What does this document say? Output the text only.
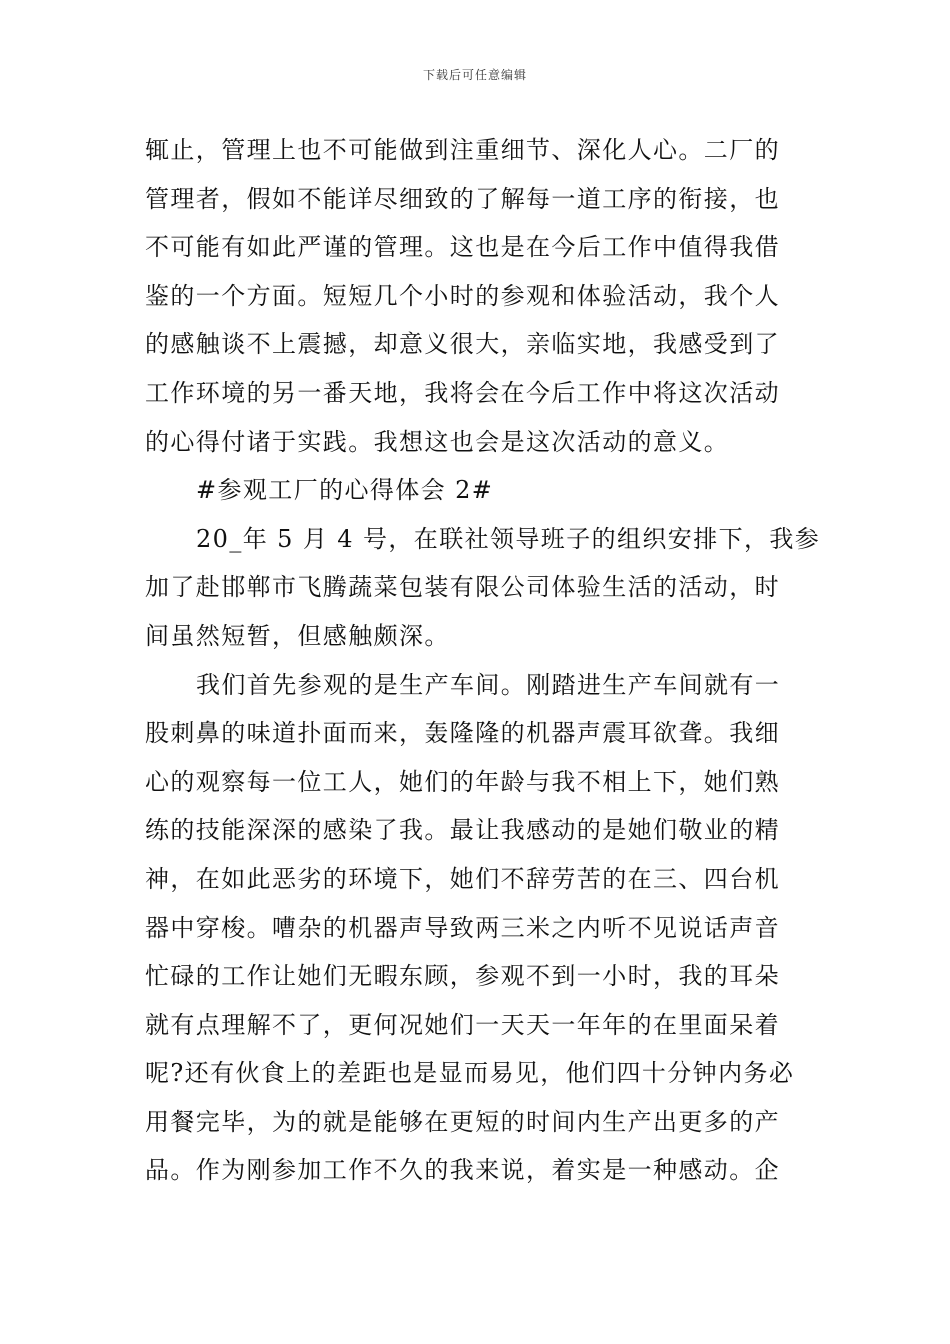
下载后可任意编辑
辄止，管理上也不可能做到注重细节、深化人心。二厂的
管理者，假如不能详尽细致的了解每一道工序的衔接，也
不可能有如此严谨的管理。这也是在今后工作中值得我借
鉴的一个方面。短短几个小时的参观和体验活动，我个人
的感触谈不上震撼，却意义很大，亲临实地，我感受到了
工作环境的另一番天地，我将会在今后工作中将这次活动
的心得付诸于实践。我想这也会是这次活动的意义。
#参观工厂的心得体会 2#
20_年 5 月 4 号，在联社领导班子的组织安排下，我参
加了赴邯郸市飞腾蔬菜包装有限公司体验生活的活动，时
间虽然短暂，但感触颇深。
我们首先参观的是生产车间。刚踏进生产车间就有一
股刺鼻的味道扑面而来，轰隆隆的机器声震耳欲聋。我细
心的观察每一位工人，她们的年龄与我不相上下，她们熟
练的技能深深的感染了我。最让我感动的是她们敬业的精
神，在如此恶劣的环境下，她们不辞劳苦的在三、四台机
器中穿梭。嘈杂的机器声导致两三米之内听不见说话声音
忙碌的工作让她们无暇东顾，参观不到一小时，我的耳朵
就有点理解不了，更何况她们一天天一年年的在里面呆着
呢?还有伙食上的差距也是显而易见，他们四十分钟内务必
用餐完毕，为的就是能够在更短的时间内生产出更多的产
品。作为刚参加工作不久的我来说，着实是一种感动。企
